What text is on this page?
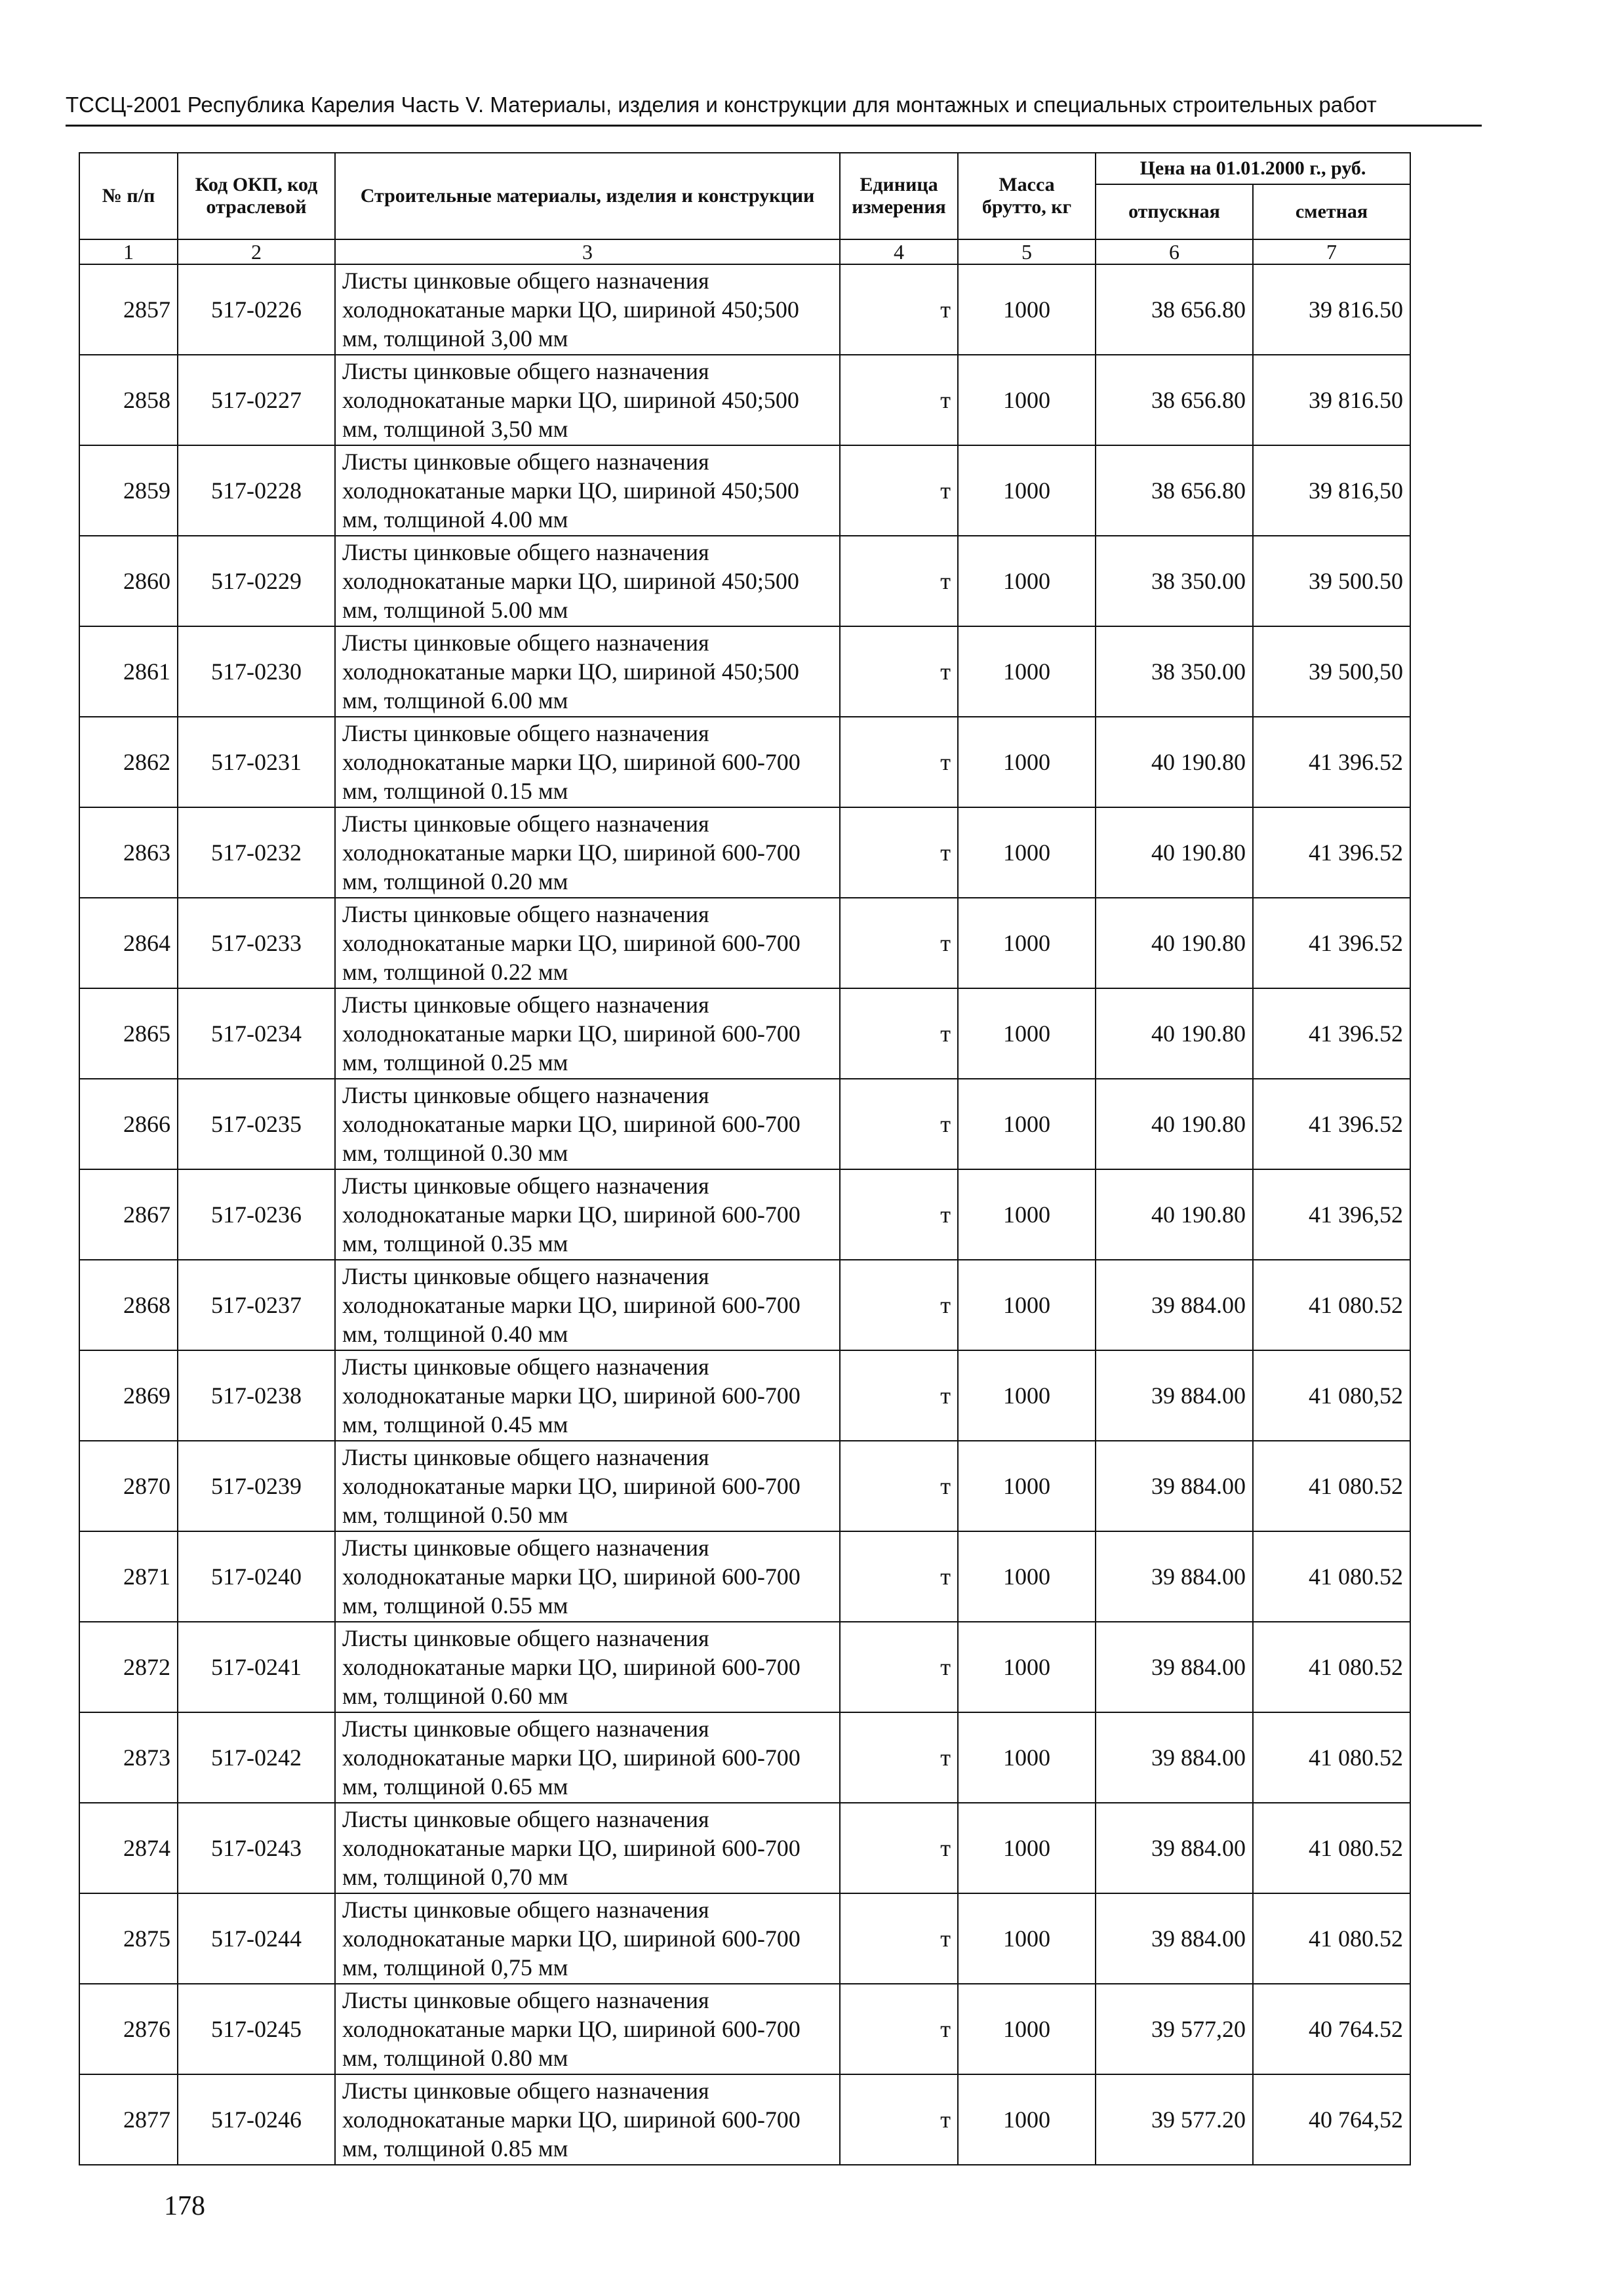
ТССЦ-2001 Республика Карелия Часть V. Материалы, изделия и конструкции для монтажных и специальных строительных работ
№ п/п	Код ОКП, код отраслевой	Строительные материалы, изделия и конструкции	Единица измерения	Масса брутто, кг	Цена на 01.01.2000 г., руб.	
					отпускная	сметная
1	2	3	4	5	6	7
2857	517-0226	Листы цинковые общего назначения холоднокатаные марки ЦО, шириной 450;500 мм, толщиной 3,00 мм	т	1000	38 656.80	39 816.50
2858	517-0227	Листы цинковые общего назначения холоднокатаные марки ЦО, шириной 450;500 мм, толщиной 3,50 мм	т	1000	38 656.80	39 816.50
2859	517-0228	Листы цинковые общего назначения холоднокатаные марки ЦО, шириной 450;500 мм, толщиной 4.00 мм	т	1000	38 656.80	39 816,50
2860	517-0229	Листы цинковые общего назначения холоднокатаные марки ЦО, шириной 450;500 мм, толщиной 5.00 мм	т	1000	38 350.00	39 500.50
2861	517-0230	Листы цинковые общего назначения холоднокатаные марки ЦО, шириной 450;500 мм, толщиной 6.00 мм	т	1000	38 350.00	39 500,50
2862	517-0231	Листы цинковые общего назначения холоднокатаные марки ЦО, шириной 600-700 мм, толщиной 0.15 мм	т	1000	40 190.80	41 396.52
2863	517-0232	Листы цинковые общего назначения холоднокатаные марки ЦО, шириной 600-700 мм, толщиной 0.20 мм	т	1000	40 190.80	41 396.52
2864	517-0233	Листы цинковые общего назначения холоднокатаные марки ЦО, шириной 600-700 мм, толщиной 0.22 мм	т	1000	40 190.80	41 396.52
2865	517-0234	Листы цинковые общего назначения холоднокатаные марки ЦО, шириной 600-700 мм, толщиной 0.25 мм	т	1000	40 190.80	41 396.52
2866	517-0235	Листы цинковые общего назначения холоднокатаные марки ЦО, шириной 600-700 мм, толщиной 0.30 мм	т	1000	40 190.80	41 396.52
2867	517-0236	Листы цинковые общего назначения холоднокатаные марки ЦО, шириной 600-700 мм, толщиной 0.35 мм	т	1000	40 190.80	41 396,52
2868	517-0237	Листы цинковые общего назначения холоднокатаные марки ЦО, шириной 600-700 мм, толщиной 0.40 мм	т	1000	39 884.00	41 080.52
2869	517-0238	Листы цинковые общего назначения холоднокатаные марки ЦО, шириной 600-700 мм, толщиной 0.45 мм	т	1000	39 884.00	41 080,52
2870	517-0239	Листы цинковые общего назначения холоднокатаные марки ЦО, шириной 600-700 мм, толщиной 0.50 мм	т	1000	39 884.00	41 080.52
2871	517-0240	Листы цинковые общего назначения холоднокатаные марки ЦО, шириной 600-700 мм, толщиной 0.55 мм	т	1000	39 884.00	41 080.52
2872	517-0241	Листы цинковые общего назначения холоднокатаные марки ЦО, шириной 600-700 мм, толщиной 0.60 мм	т	1000	39 884.00	41 080.52
2873	517-0242	Листы цинковые общего назначения холоднокатаные марки ЦО, шириной 600-700 мм, толщиной 0.65 мм	т	1000	39 884.00	41 080.52
2874	517-0243	Листы цинковые общего назначения холоднокатаные марки ЦО, шириной 600-700 мм, толщиной 0,70 мм	т	1000	39 884.00	41 080.52
2875	517-0244	Листы цинковые общего назначения холоднокатаные марки ЦО, шириной 600-700 мм, толщиной 0,75 мм	т	1000	39 884.00	41 080.52
2876	517-0245	Листы цинковые общего назначения холоднокатаные марки ЦО, шириной 600-700 мм, толщиной 0.80 мм	т	1000	39 577,20	40 764.52
2877	517-0246	Листы цинковые общего назначения холоднокатаные марки ЦО, шириной 600-700 мм, толщиной 0.85 мм	т	1000	39 577.20	40 764,52
178
